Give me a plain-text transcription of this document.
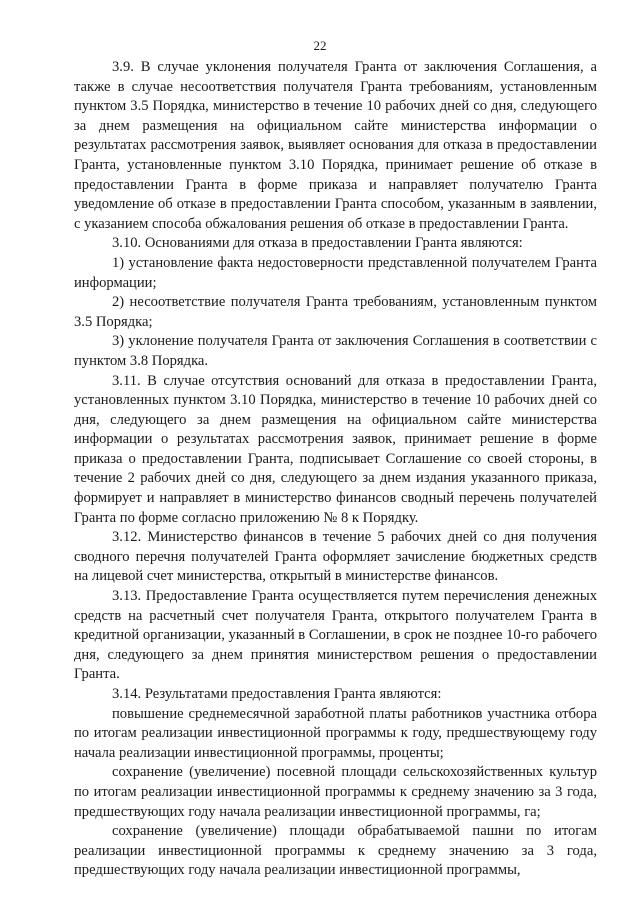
22

3.9. В случае уклонения получателя Гранта от заключения Соглашения, а также в случае несоответствия получателя Гранта требованиям, установленным пунктом 3.5 Порядка, министерство в течение 10 рабочих дней со дня, следующего за днем размещения на официальном сайте министерства информации о результатах рассмотрения заявок, выявляет основания для отказа в предоставлении Гранта, установленные пунктом 3.10 Порядка, принимает решение об отказе в предоставлении Гранта в форме приказа и направляет получателю Гранта уведомление об отказе в предоставлении Гранта способом, указанным в заявлении, с указанием способа обжалования решения об отказе в предоставлении Гранта.

3.10. Основаниями для отказа в предоставлении Гранта являются:

1) установление факта недостоверности представленной получателем Гранта информации;

2) несоответствие получателя Гранта требованиям, установленным пунктом 3.5 Порядка;

3) уклонение получателя Гранта от заключения Соглашения в соответствии с пунктом 3.8 Порядка.

3.11. В случае отсутствия оснований для отказа в предоставлении Гранта, установленных пунктом 3.10 Порядка, министерство в течение 10 рабочих дней со дня, следующего за днем размещения на официальном сайте министерства информации о результатах рассмотрения заявок, принимает решение в форме приказа о предоставлении Гранта, подписывает Соглашение со своей стороны, в течение 2 рабочих дней со дня, следующего за днем издания указанного приказа, формирует и направляет в министерство финансов сводный перечень получателей Гранта по форме согласно приложению № 8 к Порядку.

3.12. Министерство финансов в течение 5 рабочих дней со дня получения сводного перечня получателей Гранта оформляет зачисление бюджетных средств на лицевой счет министерства, открытый в министерстве финансов.

3.13. Предоставление Гранта осуществляется путем перечисления денежных средств на расчетный счет получателя Гранта, открытого получателем Гранта в кредитной организации, указанный в Соглашении, в срок не позднее 10-го рабочего дня, следующего за днем принятия министерством решения о предоставлении Гранта.

3.14. Результатами предоставления Гранта являются:

повышение среднемесячной заработной платы работников участника отбора по итогам реализации инвестиционной программы к году, предшествующему году начала реализации инвестиционной программы, проценты;

сохранение (увеличение) посевной площади сельскохозяйственных культур по итогам реализации инвестиционной программы к среднему значению за 3 года, предшествующих году начала реализации инвестиционной программы, га;

сохранение (увеличение) площади обрабатываемой пашни по итогам реализации инвестиционной программы к среднему значению за 3 года, предшествующих году начала реализации инвестиционной программы,
